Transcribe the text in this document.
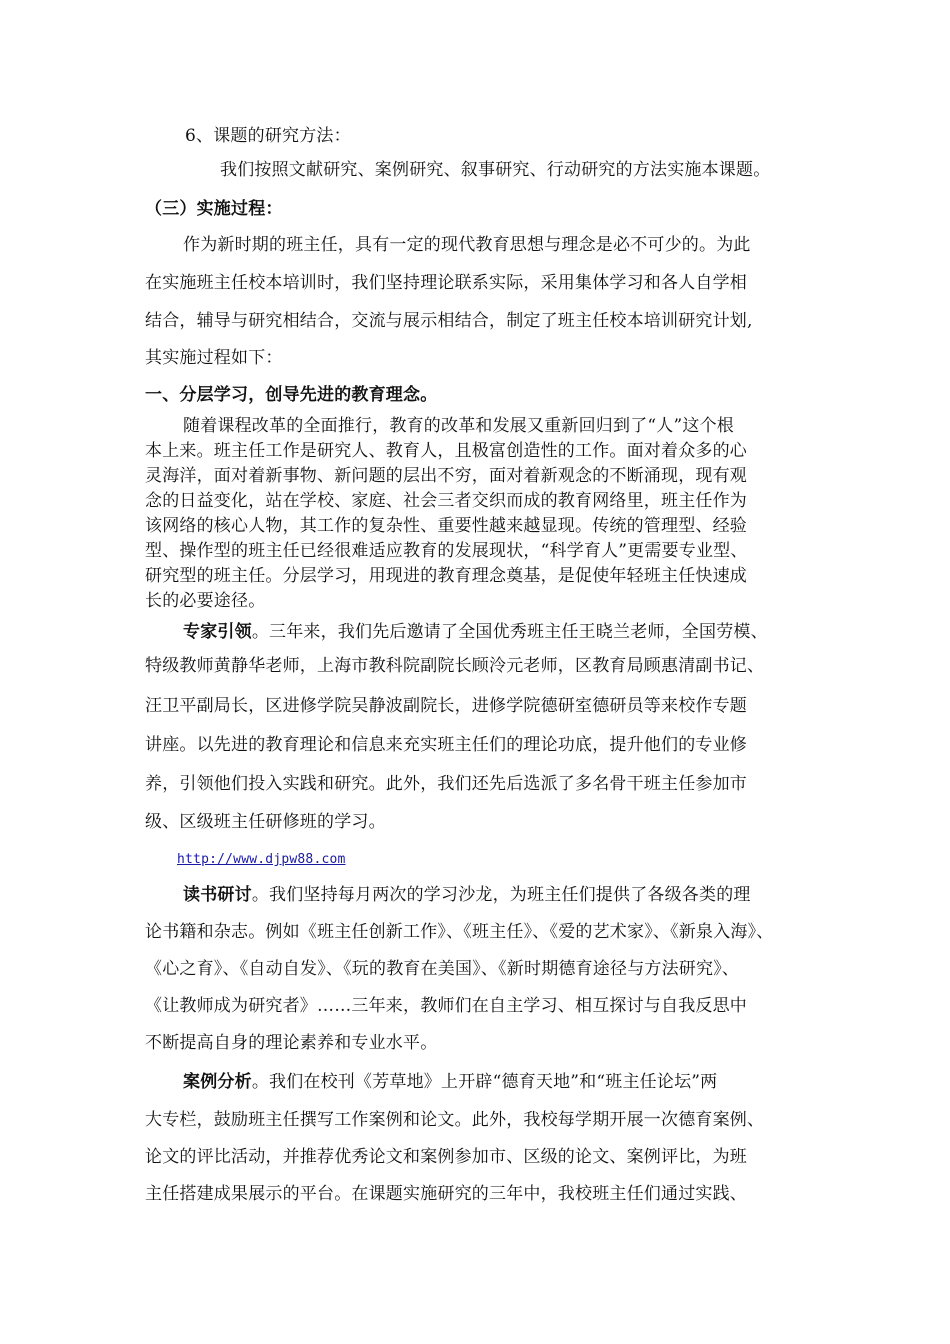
6、课题的研究方法：
我们按照文献研究、案例研究、叙事研究、行动研究的方法实施本课题。
（三）实施过程：
作为新时期的班主任，具有一定的现代教育思想与理念是必不可少的。为此
在实施班主任校本培训时，我们坚持理论联系实际，采用集体学习和各人自学相
结合，辅导与研究相结合，交流与展示相结合，制定了班主任校本培训研究计划,
其实施过程如下：
一、分层学习，创导先进的教育理念。
随着课程改革的全面推行，教育的改革和发展又重新回归到了“人”这个根
本上来。班主任工作是研究人、教育人，且极富创造性的工作。面对着众多的心
灵海洋，面对着新事物、新问题的层出不穷，面对着新观念的不断涌现，现有观
念的日益变化，站在学校、家庭、社会三者交织而成的教育网络里，班主任作为
该网络的核心人物，其工作的复杂性、重要性越来越显现。传统的管理型、经验
型、操作型的班主任已经很难适应教育的发展现状，“科学育人”更需要专业型、
研究型的班主任。分层学习，用现进的教育理念奠基，是促使年轻班主任快速成
长的必要途径。
专家引领。三年来，我们先后邀请了全国优秀班主任王晓兰老师，全国劳模、
特级教师黄静华老师，上海市教科院副院长顾泠元老师，区教育局顾惠清副书记、
汪卫平副局长，区进修学院吴静波副院长，进修学院德研室德研员等来校作专题
讲座。以先进的教育理论和信息来充实班主任们的理论功底，提升他们的专业修
养，引领他们投入实践和研究。此外，我们还先后选派了多名骨干班主任参加市
级、区级班主任研修班的学习。
http://www.djpw88.com
读书研讨。我们坚持每月两次的学习沙龙，为班主任们提供了各级各类的理
论书籍和杂志。例如《班主任创新工作》、《班主任》、《爱的艺术家》、《新泉入海》、
《心之育》、《自动自发》、《玩的教育在美国》、《新时期德育途径与方法研究》、
《让教师成为研究者》……三年来，教师们在自主学习、相互探讨与自我反思中
不断提高自身的理论素养和专业水平。
案例分析。我们在校刊《芳草地》上开辟“德育天地”和“班主任论坛”两
大专栏，鼓励班主任撰写工作案例和论文。此外，我校每学期开展一次德育案例、
论文的评比活动，并推荐优秀论文和案例参加市、区级的论文、案例评比，为班
主任搭建成果展示的平台。在课题实施研究的三年中，我校班主任们通过实践、
